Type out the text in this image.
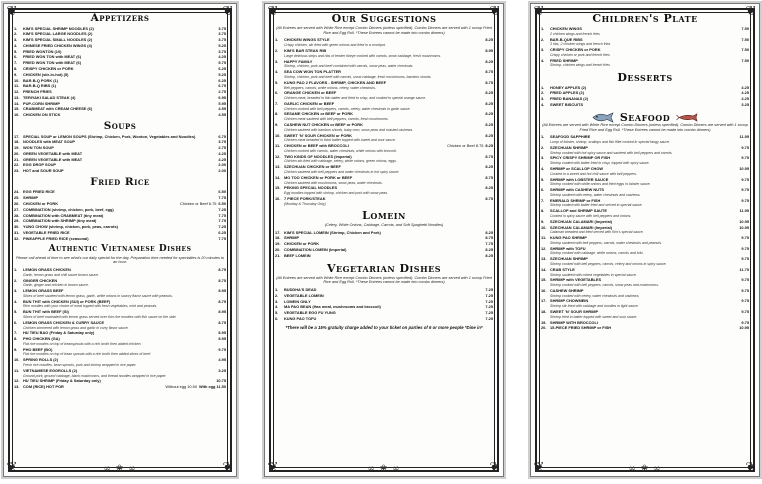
❦	❦
❦	❦
Appetizers
1.	KIM'S SPECIAL SHRIMP NOODLES (2)	3.75
2.	KIM'S SPECIAL LARGE NOODLES (2)	3.75
3.	KIM'S SPECIAL SMALL NOODLES (2)	3.75
4.	CHINESE FRIED CHICKEN WINGS (4)	5.25
5.	FRIED WONTON (10)	3.75
6.	FRIED WON TON with MEAT (6)	4.25
7.	FRIED WON TON with MEAT (6)	5.75
8.	CRISPY CHICKEN or PORK	6.25
9.	CHICKEN (stir-in-hot) (5)	5.25
10. BAR-B-Q PORK (1)	6.25
11. BAR-B-Q RIBS (1)	6.75
12. FRENCH FRIES	2.75
13. TERIYAKI SALAD STEAK (4)	6.95
14. PUP-CORN SHRIMP	5.95
15. CRABMEAT with CREAM CHEESE (6)	4.55
16. CHICKEN ON STICK	4.55
Soups
17. SPECIAL SOUP or LEMON SOUPS (Shrimp, Chicken, Pork, Wonton, Vegetables and Noodles)	6.75
18. NOODLES with MEAT SOUP	3.75
19. WON TON SOUP	2.75
20. GREEN VEGETABLE with MEAT	4.25
21. GREEN VEGETABLE with MEAT	4.25
22. EGG DROP SOUP	2.00
23. HOT and SOUR SOUP	2.00
Fried Rice
24. EGG FRIED RICE	6.50
25. SHRIMP	7.75
26. CHICKEN or PORK	Chicken or Beef 6.75 6.50
27. COMBINATION (shrimp, chicken, pork, beef, egg)	7.25
28. COMBINATION with CRABMEAT (tiny meat)	7.75
29. COMBINATION with SHRIMP (tiny meat)	7.75
30. YUNG CHOW (shrimp, chicken, pork, peas, carrots)	7.25
31. VEGETABLE FRIED RICE	6.25
32. PINEAPPLE FRIED RICE (seasonal)	7.75
Authentic Vietnamese Dishes
Please call ahead of time to see what's our daily special for the day. Preparation time needed for specialties is 20 minutes to an hour.
1.	LEMON GRASS CHICKEN	8.75
Garlic, lemon grass and chili sauce brown sauce.
2.	GINGER CHICKEN	8.75
Garlic, ginger and chicken in brown sauce.
3.	LEMON GRASS BEEF	8.95
Slices of beef sauteed with lemon grass, garlic, white onions in savory flavor sauce with peanuts.
4.	BUN THIT with CHICKEN (SUI) or PORK (BEEF)	8.75
Rice noodles with your choice of meat topped with fresh vegetables, mint and peanuts.
5.	BUN THIT with BEEF (SI)	8.95
Slices of beef marinated with lemon grass served over thin rice noodles with fish sauce on the side.
6.	LEMON GRASS CHICKEN & CURRY SAUCE	8.75
Chicken simmered with lemon grass and garlic in curry flavor sauce.
7.	HU TIEU BAO (Friday & Saturday only)	8.95
8.	PHO CHICKEN (GA)	8.95
Flat rice noodles on top of beansprouts with a rich broth then added chicken.
9.	PHO BEEF (BO)	9.75
Flat rice noodles on top of bean sprouts with a rich broth then added slices of beef.
10. SPRING ROLLS (2)	4.95
Fresh rice noodles, bean sprouts, pork and shrimp wrapped in rice paper.
11. VIETNAMESE EGGROLLS (2)	3.25
Ground pork, ground cabbage, black mushrooms, and thread noodles wrapped in rice paper.
12. HU TIEU SHRIMP (Friday & Saturday only)	10.75
13. COM (RICE) HOT POR	Without egg 10.50 With egg 11.50
∞ ❀ ∞
❦	❦
❦	❦
Our Suggestions
(All Entrees are served with White Rice except Combo Dinners (unless specified). Combo Dinners are served with 1 scoop Fried Rice and Egg Roll. *These Entrees cannot be made into combo dinners)
1.	CHICKEN WINGS STYLE	8.25
Crispy chicken, stir fried with green onions and fried in a crockpot.
2.	KIM'S BAR STEAK RIB	8.95
Large delicious strips and ribs of tender ribeye cooked with carrots, snow cabbage, fresh mushrooms.
3.	HAPPY FAMILY	8.25
Shrimp, chicken, pork and beef combined with carrots, snow peas, water chestnuts.
4.	SEA COW WON TON PLATTER	8.75
Shrimp, chicken, pork and beef with carrots, snow cabbage, fresh mushrooms, bamboo shoots.
5.	KUNG PAO 2 FLAVORS - SHRIMP, CHICKEN AND BEEF	8.75
Bell peppers, carrots, white onions, celery, water chestnuts.
6.	ORANGE CHICKEN or BEEF	8.25
Chicken meat, breaded in thin batter and fried to crisp, and cooked in special orange sauce.
7.	GARLIC CHICKEN or BEEF	8.25
Chicken cooked with bell peppers, carrots, celery, water chestnuts in garlic sauce.
8.	SESAME CHICKEN or BEEF or PORK	8.25
Chicken meat sauteed with bell peppers, carrots, fresh mushrooms.
9.	CASHEW NUT CHICKEN or BEEF or PORK	8.25
Chicken sauteed with bamboo shoots, baby corn, snow peas and roasted cashews.
10. SWEET 'N' SOUR CHICKEN or PORK	8.25
Chicken meat breaded in thick batter topped with sweet and sour sauce.
11. CHICKEN or BEEF with BROCCOLI	Chicken or Beef 8.75 8.25
Chicken cooked with carrots, water chestnuts, white onions with broccoli.
12. TWO KINDS OF NOODLES (Imperial)	8.75
Chicken stir-fried with cabbage, celery, white onions, green onions, eggs.
13. SZECHUAN CHICKEN or BEEF	8.25
Chicken sauteed with bell peppers and water chestnuts in hot spicy sauce.
14. MO TOO CHICKEN or PORK or BEEF	8.75
Chicken sauteed with mushrooms, snow peas, water chestnuts.
15. PEKING SPECIAL NOODLES	8.25
Egg noodles topped with shrimp, chicken and pork with snow peas.
16. 7 PIECE PORK/STEAK	8.75
(Monday & Thursday Only)
Lomein
(Celery, White Onions, Cabbage, Carrots, and Soft Spaghetti Noodles)
17. KIM'S SPECIAL LOMEIN (Shrimp, Chicken and Pork)	8.25
18. SHRIMP	8.75
19. CHICKEN or PORK	7.75
20. COMBINATION LOMEIN (Imperial)	8.25
21. BEEF LOMEIN	8.25
Vegetarian Dishes
(All Entrees are served with White Rice except Combo Dinners (unless specified). Combo Dinners are served with 1 scoop Fried Rice and Egg Roll. *These Entrees cannot be made into combo dinners)
1.	BUDDHA'S DEAD	7.25
2.	VEGETABLE LOMEIN	7.25
3.	LOMEIN ONLY	7.25
4.	MA PAO BEAN (Has meat, mushrooms and broccoli)	7.25
5.	VEGETABLE EGG FU YUNG	7.25
6.	KUNG PAO TOFU	7.25
*There will be a 15% gratuity charge added to your ticket on parties of 6 or more people *Dine in*
∞ ❀ ∞
❦	❦
❦	❦
Children's Plate
1.	CHICKEN WINGS	7.50
2 chicken wings and french fries
2.	BAR-B-QUE RIBS	7.50
3 ribs, 2 chicken wings and french fries
3.	CRISPY CHICKEN or PORK	7.50
Crispy chicken or pork and french fries
4.	FRIED SHRIMP	7.50
Shrimp, chicken wings and french fries
Desserts
1.	HONEY APPLES (2)	4.25
2.	FRIED APPLES (2)	4.25
3.	FRIED BANANAS (2)	4.25
4.	SWEET BISCUITS	3.25
Seafood
(All Entrees are served with White Rice except Combo Dinners (unless specified). Combo Dinners are served with 1 scoop Fried Rice and Egg Roll. *These Entrees cannot be made into combo dinners)
1.	SEAFOOD SAPPHIRE	11.95
Lump of lobster, shrimp, scallops and fish fillet cooked in special tangy sauce.
2.	SZECHUAN SHRIMP	9.75
Shrimp cooked with hot spicy sauce and sauteed with bell peppers and carrots.
3.	SPICY CRISPY SHRIMP OR FISH	9.75
Shrimp coated with batter fried in crisp, topped with spicy sauce.
4.	SHRIMP or SCALLOP CHOW	10.95
Cooked in a sweet and hot chili sauce with bell peppers.
5.	SHRIMP with LOBSTER SAUCE	9.75
Shrimp cooked with white onions and fried eggs in lobster sauce.
6.	SHRIMP with CASHEW NUTS	9.75
Shrimp sauteed with celery, water chestnuts and cashews.
7.	EMERALD SHRIMP or FISH	9.75
Shrimp coated with batter fried and served in special sauce.
8.	SCALLOP and SHRIMP SAUTE	11.95
Cooked in spicy sauce with bell peppers and onions.
9.	SZECHUAN CALAMARI (Imperial)	10.95
10. SZECHUAN CALAMARI (Imperial)	10.95
Calamari breaded and fried served with Kim's special sauce.
11. KUNG PAO SHRIMP	9.75
Shrimp sauteed with bell peppers, carrots, water chestnuts and peanuts.
12. SHRIMP with TOFU	9.75
Shrimp cooked with cabbage, white onions, carrots and tofu.
13. SZECHUAN SHRIMP	9.75
Shrimp cooked with bell peppers, carrots, celery and onions in spicy sauce.
14. CRAB STYLE	11.75
Shrimp sauteed with mixed vegetables in special sauce.
15. SHRIMP with VEGETABLES	9.75
Shrimp cooked with bell peppers, carrots, snow peas and mushrooms.
16. CASHEW SHRIMP	9.75
Shrimp cooked with celery, water chestnuts and cashews.
17. SHRIMP CHOWMEIN	9.75
Shrimp stir-fried with cabbage and noodles in light sauce.
18. SWEET 'N' SOUR SHRIMP	9.75
Shrimp fried in batter topped with sweet and sour sauce.
19. SHRIMP WITH BROCCOLI	9.75
20. 15-PIECE FRIED SHRIMP or FISH	10.95
∞ ❀ ∞
